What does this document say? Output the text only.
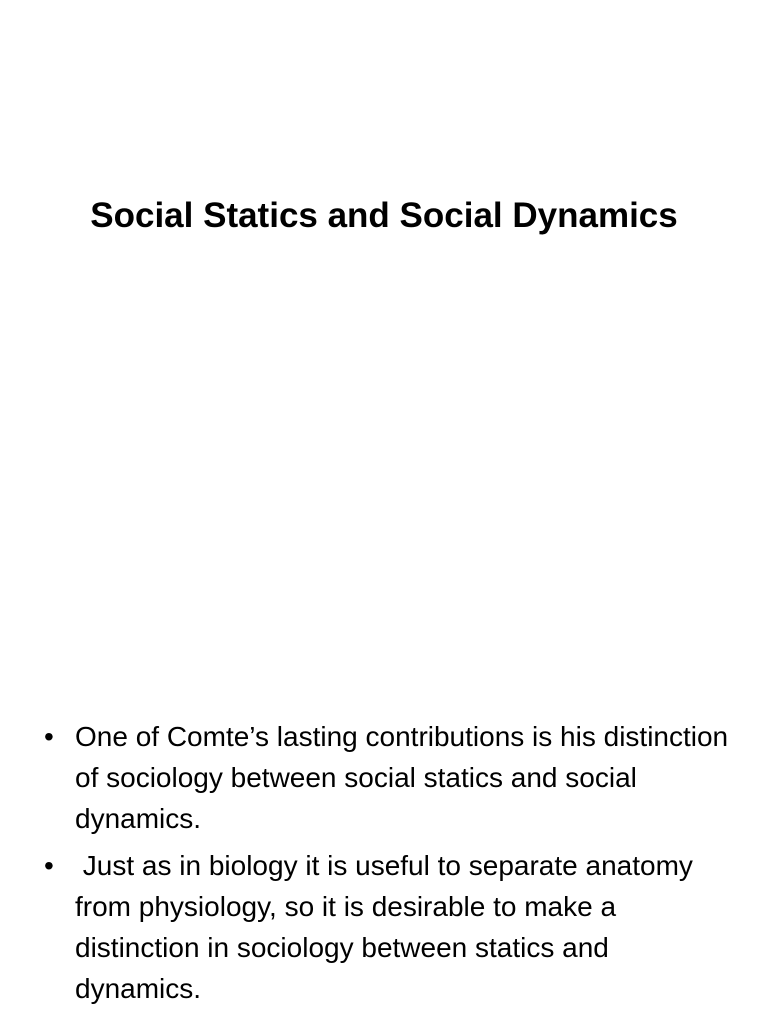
Social Statics and Social Dynamics
• One of Comte’s lasting contributions is his distinction of sociology between social statics and social dynamics.
• Just as in biology it is useful to separate anatomy from physiology, so it is desirable to make a distinction in sociology between statics and dynamics.
